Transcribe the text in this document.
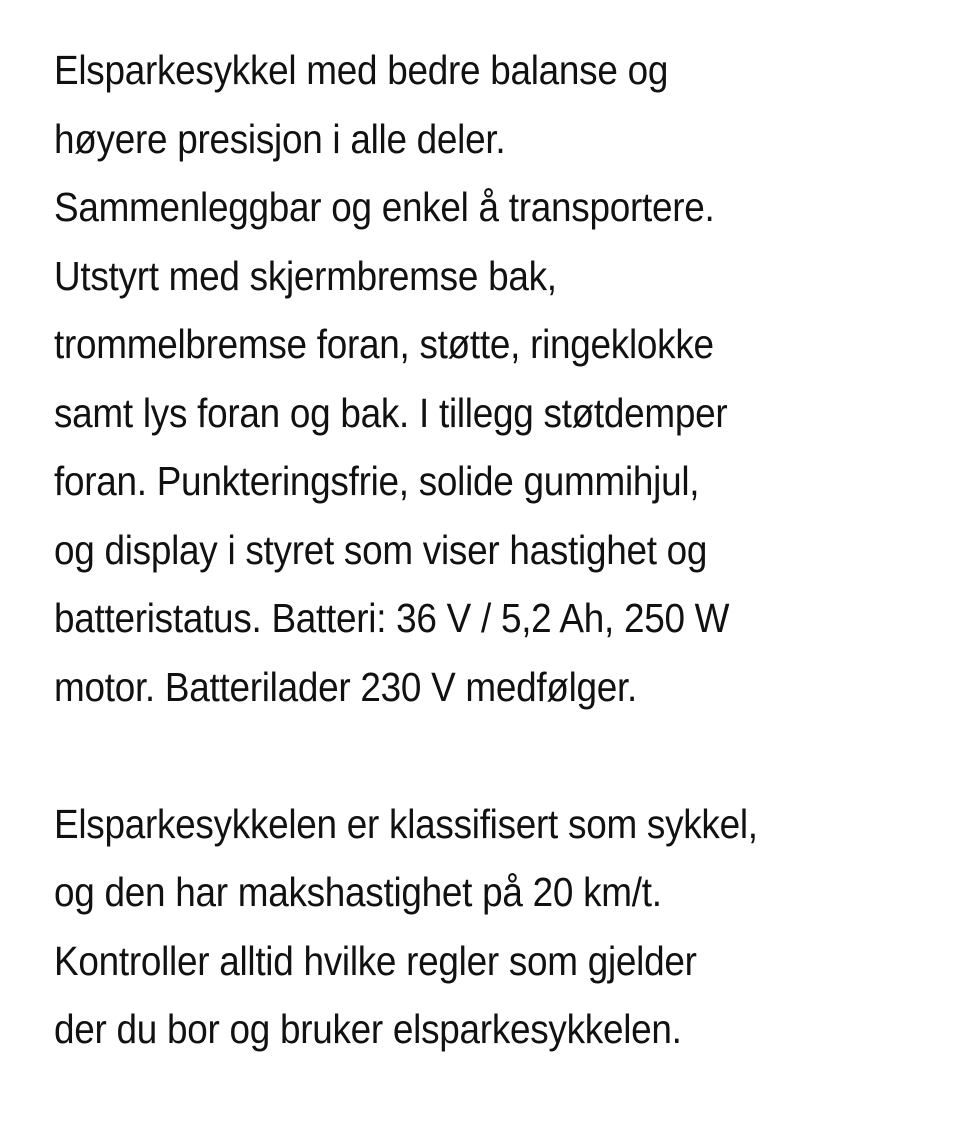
Elsparkesykkel med bedre balanse og
høyere presisjon i alle deler.
Sammenleggbar og enkel å transportere.
Utstyrt med skjermbremse bak,
trommelbremse foran, støtte, ringeklokke
samt lys foran og bak. I tillegg støtdemper
foran. Punkteringsfrie, solide gummihjul,
og display i styret som viser hastighet og
batteristatus. Batteri: 36 V / 5,2 Ah, 250 W
motor. Batterilader 230 V medfølger.

Elsparkesykkelen er klassifisert som sykkel,
og den har makshastighet på 20 km/t.
Kontroller alltid hvilke regler som gjelder
der du bor og bruker elsparkesykkelen.
